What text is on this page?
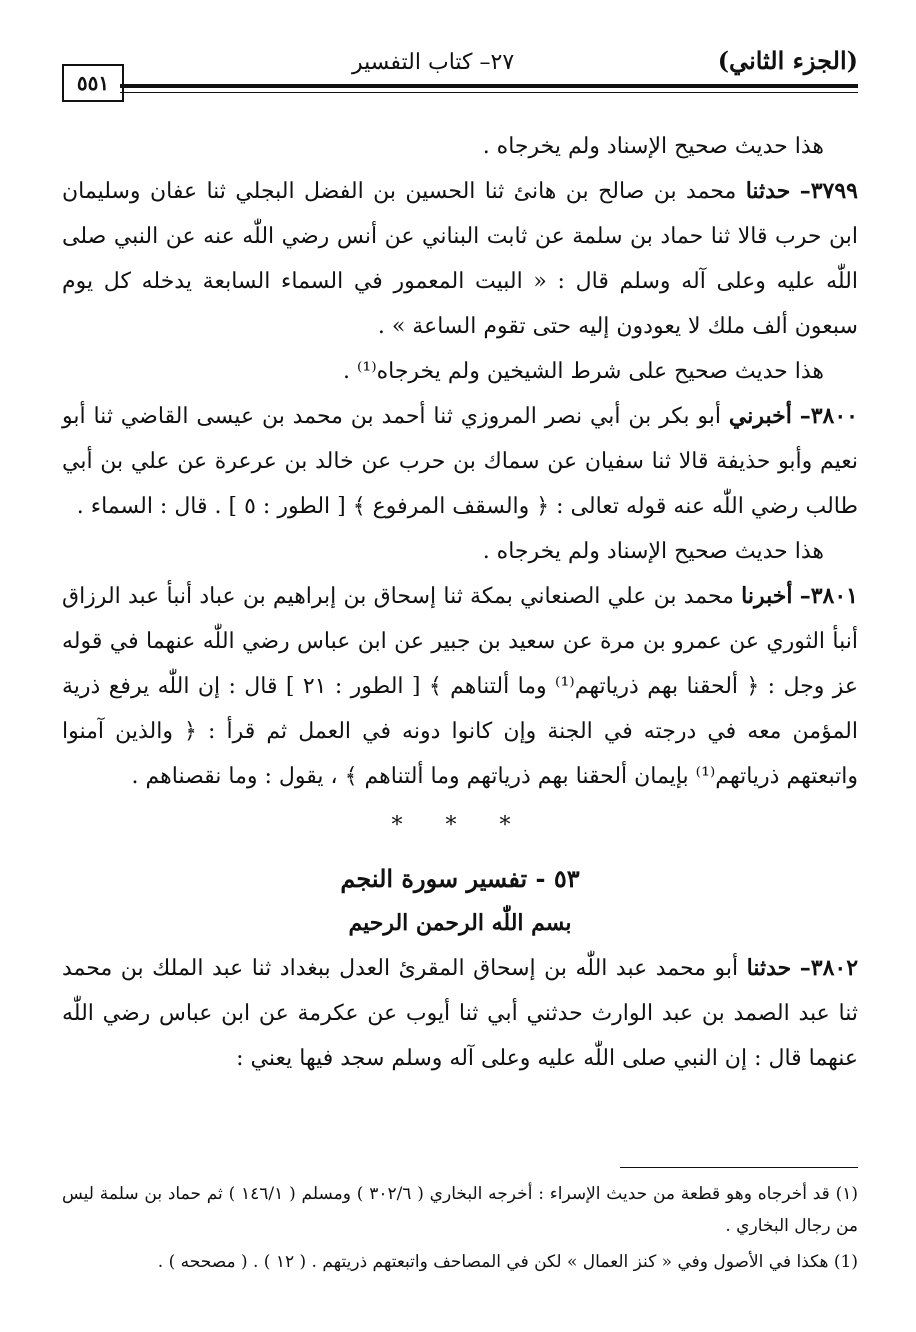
٥٥١
٢٧– كتاب التفسير	(الجزء الثاني)

هذا حديث صحيح الإسناد ولم يخرجاه .

٣٧٩٩– حدثنا محمد بن صالح بن هانئ ثنا الحسين بن الفضل البجلي ثنا عفان وسليمان ابن حرب قالا ثنا حماد بن سلمة عن ثابت البناني عن أنس رضي اللّٰه عنه عن النبي صلى اللّٰه عليه وعلى آله وسلم قال : « البيت المعمور في السماء السابعة يدخله كل يوم سبعون ألف ملك لا يعودون إليه حتى تقوم الساعة » .

هذا حديث صحيح على شرط الشيخين ولم يخرجاه⁽¹⁾ .

٣٨٠٠– أخبرني أبو بكر بن أبي نصر المروزي ثنا أحمد بن محمد بن عيسى القاضي ثنا أبو نعيم وأبو حذيفة قالا ثنا سفيان عن سماك بن حرب عن خالد بن عرعرة عن علي بن أبي طالب رضي اللّٰه عنه قوله تعالى : ﴿ والسقف المرفوع ﴾ [ الطور : ٥ ] . قال : السماء .

هذا حديث صحيح الإسناد ولم يخرجاه .

٣٨٠١– أخبرنا محمد بن علي الصنعاني بمكة ثنا إسحاق بن إبراهيم بن عباد أنبأ عبد الرزاق أنبأ الثوري عن عمرو بن مرة عن سعيد بن جبير عن ابن عباس رضي اللّٰه عنهما في قوله عز وجل : ﴿ ألحقنا بهم ذرياتهم⁽¹⁾ وما ألتناهم ﴾ [ الطور : ٢١ ] قال : إن اللّٰه يرفع ذرية المؤمن معه في درجته في الجنة وإن كانوا دونه في العمل ثم قرأ : ﴿ والذين آمنوا واتبعتهم ذرياتهم⁽¹⁾ بإيمان ألحقنا بهم ذرياتهم وما ألتناهم ﴾ ، يقول : وما نقصناهم .

* * *

٥٣ - تفسير سورة النجم

بسم اللّٰه الرحمن الرحيم

٣٨٠٢– حدثنا أبو محمد عبد اللّٰه بن إسحاق المقرئ العدل ببغداد ثنا عبد الملك بن محمد ثنا عبد الصمد بن عبد الوارث حدثني أبي ثنا أيوب عن عكرمة عن ابن عباس رضي اللّٰه عنهما قال : إن النبي صلى اللّٰه عليه وعلى آله وسلم سجد فيها يعني :

(١) قد أخرجاه وهو قطعة من حديث الإسراء : أخرجه البخاري ( ٣٠٢/٦ ) ومسلم ( ١٤٦/١ ) ثم حماد بن سلمة ليس من رجال البخاري .

(1) هكذا في الأصول وفي « كنز العمال » لكن في المصاحف واتبعتهم ذريتهم . ( ١٢ ) . ( مصححه ) .
